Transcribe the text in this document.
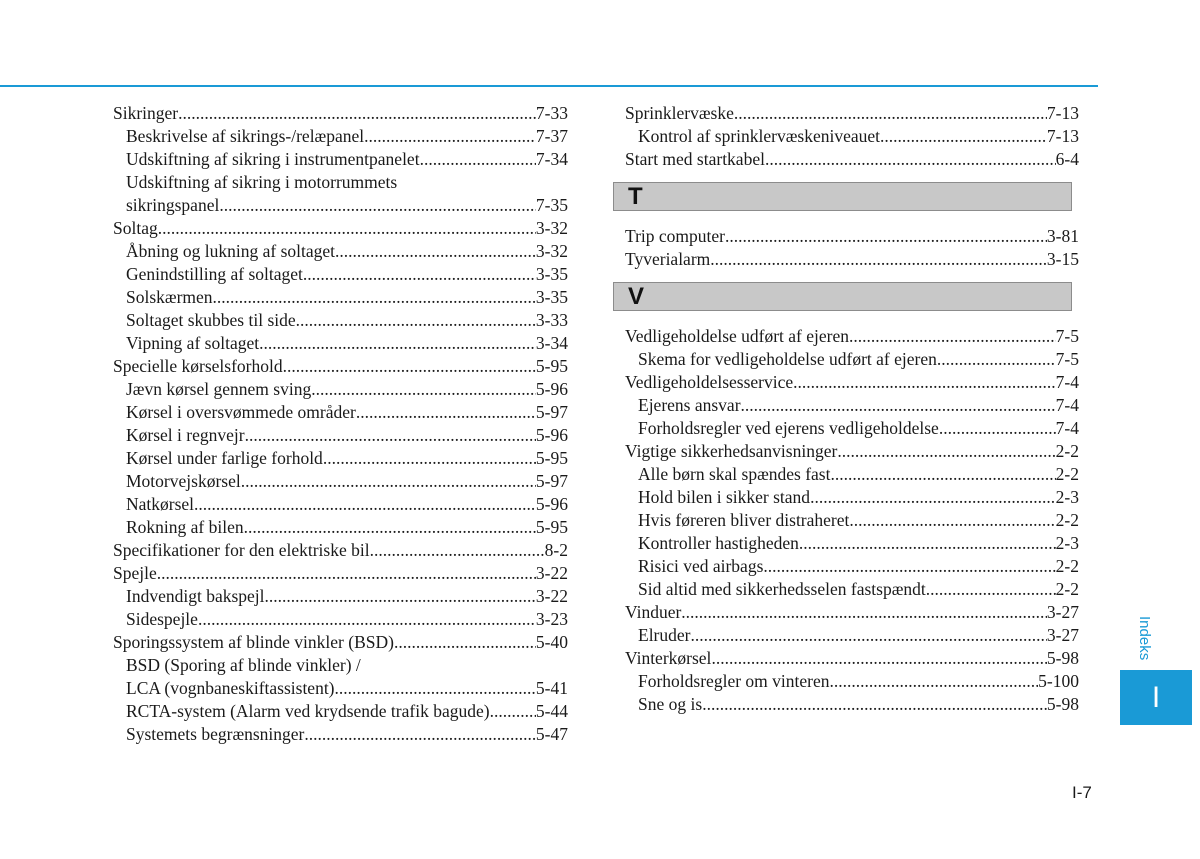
Sikringer .....	7-33
Beskrivelse af sikrings-/relæpanel .....	7-37
Udskiftning af sikring i instrumentpanelet .....	7-34
Udskiftning af sikring i motorrummets
sikringspanel .....	7-35
Soltag .....	3-32
Åbning og lukning af soltaget .....	3-32
Genindstilling af soltaget .....	3-35
Solskærmen .....	3-35
Soltaget skubbes til side .....	3-33
Vipning af soltaget .....	3-34
Specielle kørselsforhold .....	5-95
Jævn kørsel gennem sving .....	5-96
Kørsel i oversvømmede områder .....	5-97
Kørsel i regnvejr .....	5-96
Kørsel under farlige forhold .....	5-95
Motorvejskørsel .....	5-97
Natkørsel .....	5-96
Rokning af bilen .....	5-95
Specifikationer for den elektriske bil .....	8-2
Spejle .....	3-22
Indvendigt bakspejl .....	3-22
Sidespejle .....	3-23
Sporingssystem af blinde vinkler (BSD) .....	5-40
BSD (Sporing af blinde vinkler) /
LCA (vognbaneskiftassistent) .....	5-41
RCTA-system (Alarm ved krydsende trafik bagude) .....	5-44
Systemets begrænsninger .....	5-47
Sprinklervæske .....	7-13
Kontrol af sprinklervæskeniveauet .....	7-13
Start med startkabel .....	6-4
T
Trip computer .....	3-81
Tyverialarm .....	3-15
V
Vedligeholdelse udført af ejeren .....	7-5
Skema for vedligeholdelse udført af ejeren .....	7-5
Vedligeholdelsesservice .....	7-4
Ejerens ansvar .....	7-4
Forholdsregler ved ejerens vedligeholdelse .....	7-4
Vigtige sikkerhedsanvisninger .....	2-2
Alle børn skal spændes fast .....	2-2
Hold bilen i sikker stand .....	2-3
Hvis føreren bliver distraheret .....	2-2
Kontroller hastigheden .....	2-3
Risici ved airbags .....	2-2
Sid altid med sikkerhedsselen fastspændt .....	2-2
Vinduer .....	3-27
Elruder .....	3-27
Vinterkørsel .....	5-98
Forholdsregler om vinteren .....	5-100
Sne og is .....	5-98
Indeks
I
I-7
